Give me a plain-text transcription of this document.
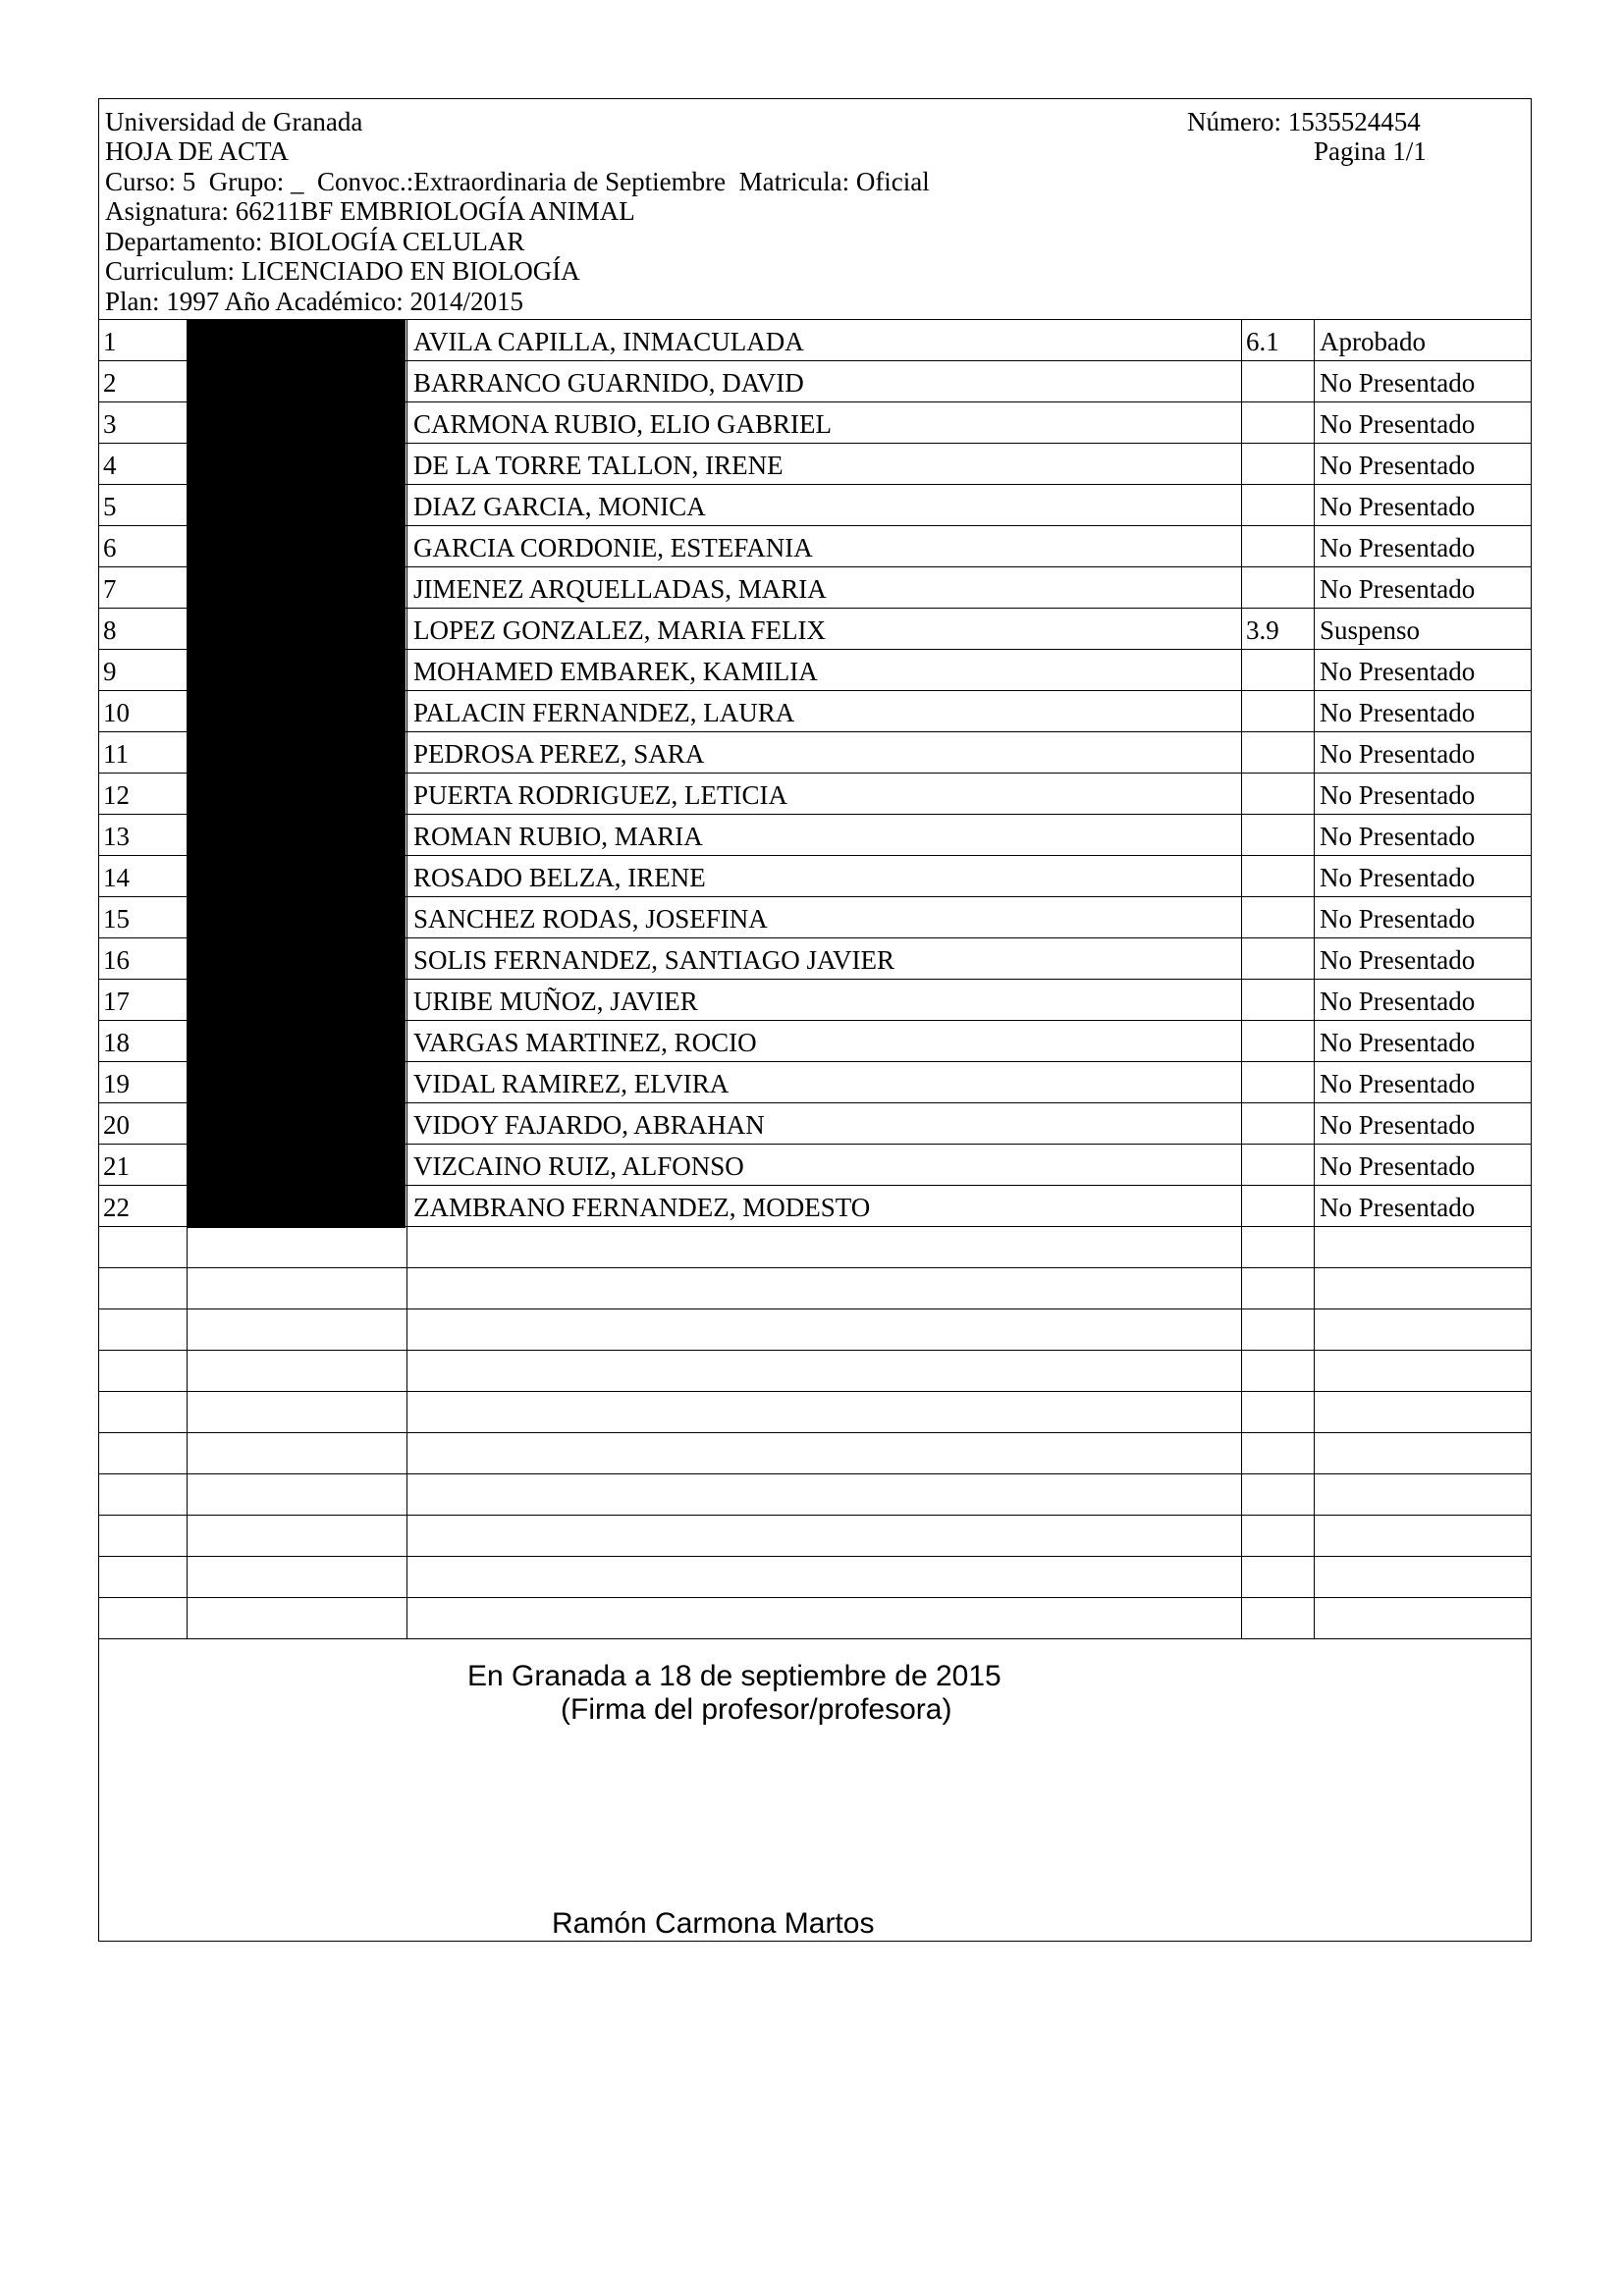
Universidad de Granada	Número: 1535524454
HOJA DE ACTA	Pagina 1/1
Curso: 5  Grupo: _  Convoc.:Extraordinaria de Septiembre  Matricula: Oficial
Asignatura: 66211BF EMBRIOLOGÍA ANIMAL
Departamento: BIOLOGÍA CELULAR
Curriculum: LICENCIADO EN BIOLOGÍA
Plan: 1997 Año Académico: 2014/2015
1	AVILA CAPILLA, INMACULADA	6.1	Aprobado
2	BARRANCO GUARNIDO, DAVID	No Presentado
3	CARMONA RUBIO, ELIO GABRIEL	No Presentado
4	DE LA TORRE TALLON, IRENE	No Presentado
5	DIAZ GARCIA, MONICA	No Presentado
6	GARCIA CORDONIE, ESTEFANIA	No Presentado
7	JIMENEZ ARQUELLADAS, MARIA	No Presentado
8	LOPEZ GONZALEZ, MARIA FELIX	3.9	Suspenso
9	MOHAMED EMBAREK, KAMILIA	No Presentado
10	PALACIN FERNANDEZ, LAURA	No Presentado
11	PEDROSA PEREZ, SARA	No Presentado
12	PUERTA RODRIGUEZ, LETICIA	No Presentado
13	ROMAN RUBIO, MARIA	No Presentado
14	ROSADO BELZA, IRENE	No Presentado
15	SANCHEZ RODAS, JOSEFINA	No Presentado
16	SOLIS FERNANDEZ, SANTIAGO JAVIER	No Presentado
17	URIBE MUÑOZ, JAVIER	No Presentado
18	VARGAS MARTINEZ, ROCIO	No Presentado
19	VIDAL RAMIREZ, ELVIRA	No Presentado
20	VIDOY FAJARDO, ABRAHAN	No Presentado
21	VIZCAINO RUIZ, ALFONSO	No Presentado
22	ZAMBRANO FERNANDEZ, MODESTO	No Presentado
En Granada a 18 de septiembre de 2015
(Firma del profesor/profesora)
Ramón Carmona Martos
